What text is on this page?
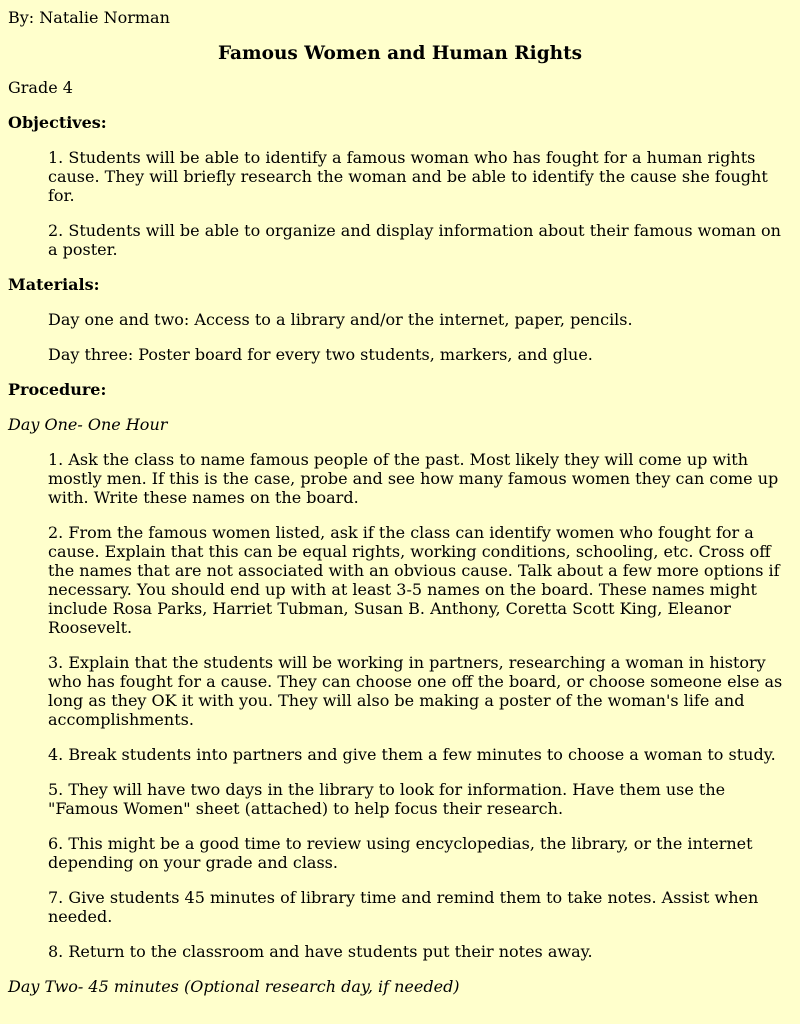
By: Natalie Norman

Famous Women and Human Rights

Grade 4

Objectives:

1. Students will be able to identify a famous woman who has fought for a human rights cause. They will briefly research the woman and be able to identify the cause she fought for.

2. Students will be able to organize and display information about their famous woman on a poster.

Materials:

Day one and two: Access to a library and/or the internet, paper, pencils.

Day three: Poster board for every two students, markers, and glue.

Procedure:

Day One- One Hour

1. Ask the class to name famous people of the past. Most likely they will come up with mostly men. If this is the case, probe and see how many famous women they can come up with. Write these names on the board.

2. From the famous women listed, ask if the class can identify women who fought for a cause. Explain that this can be equal rights, working conditions, schooling, etc. Cross off the names that are not associated with an obvious cause. Talk about a few more options if necessary. You should end up with at least 3-5 names on the board. These names might include Rosa Parks, Harriet Tubman, Susan B. Anthony, Coretta Scott King, Eleanor Roosevelt.

3. Explain that the students will be working in partners, researching a woman in history who has fought for a cause. They can choose one off the board, or choose someone else as long as they OK it with you. They will also be making a poster of the woman's life and accomplishments.

4. Break students into partners and give them a few minutes to choose a woman to study.

5. They will have two days in the library to look for information. Have them use the "Famous Women" sheet (attached) to help focus their research.

6. This might be a good time to review using encyclopedias, the library, or the internet depending on your grade and class.

7. Give students 45 minutes of library time and remind them to take notes. Assist when needed.

8. Return to the classroom and have students put their notes away.

Day Two- 45 minutes (Optional research day, if needed)
